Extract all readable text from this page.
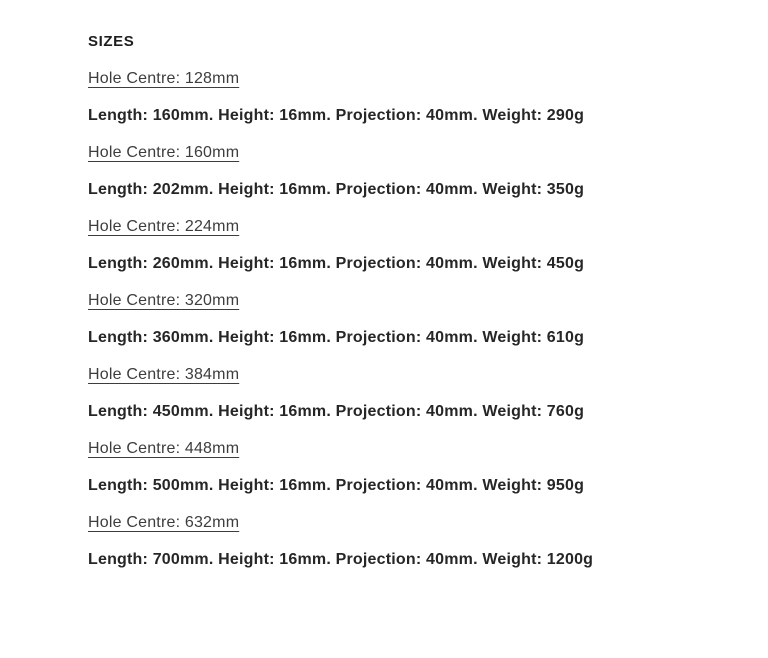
SIZES
Hole Centre: 128mm

Length: 160mm. Height: 16mm. Projection: 40mm. Weight: 290g

Hole Centre: 160mm

Length: 202mm. Height: 16mm. Projection: 40mm. Weight: 350g

Hole Centre: 224mm

Length: 260mm. Height: 16mm. Projection: 40mm. Weight: 450g

Hole Centre: 320mm

Length: 360mm. Height: 16mm. Projection: 40mm. Weight: 610g

Hole Centre: 384mm

Length: 450mm. Height: 16mm. Projection: 40mm. Weight: 760g

Hole Centre: 448mm

Length: 500mm. Height: 16mm. Projection: 40mm. Weight: 950g

Hole Centre: 632mm

Length: 700mm. Height: 16mm. Projection: 40mm. Weight: 1200g
